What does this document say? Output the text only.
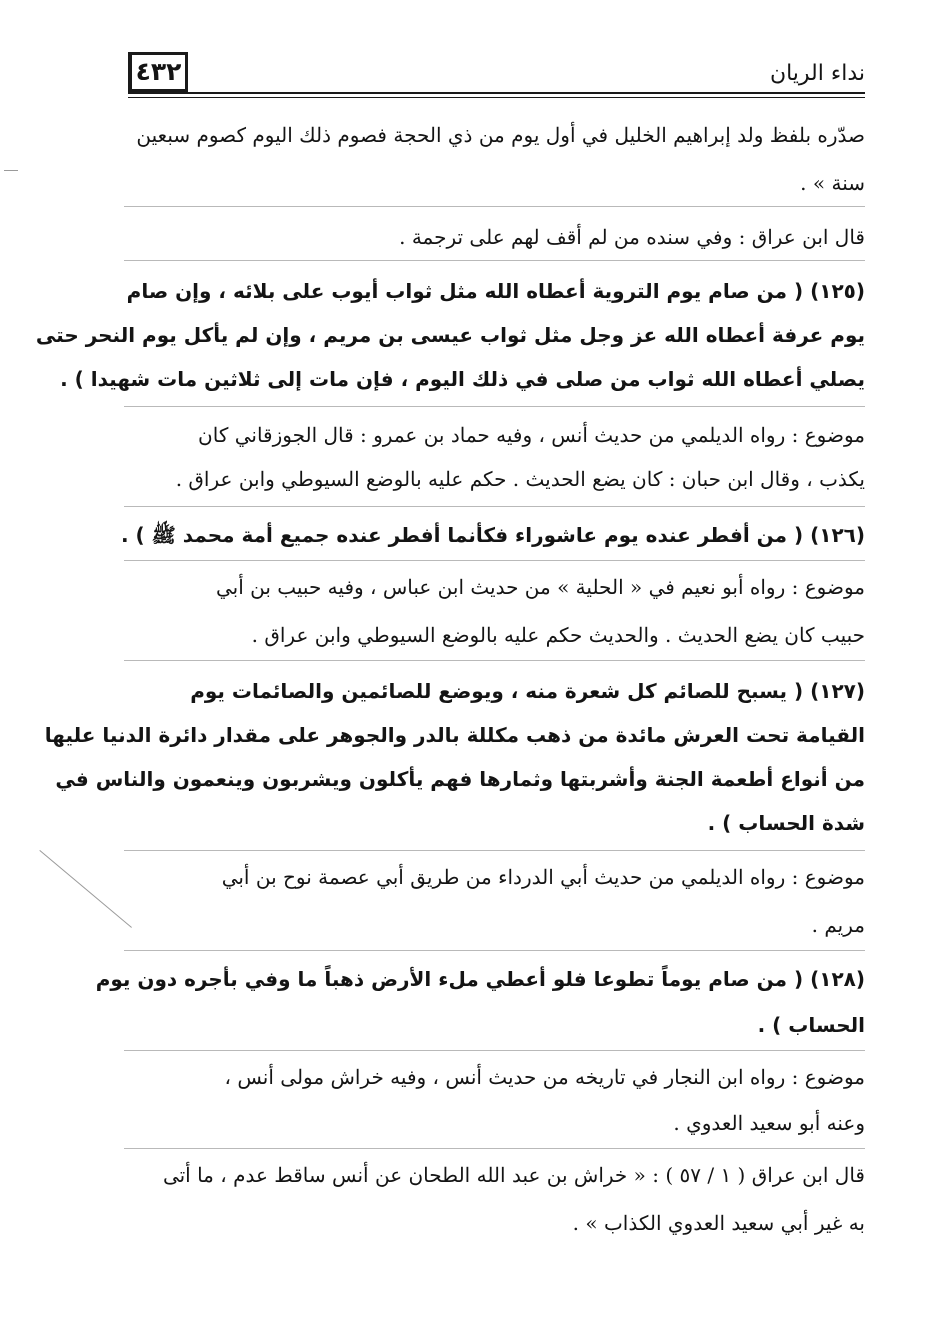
٤٣٢	نداء الريان
صدّره بلفظ ولد إبراهيم الخليل في أول يوم من ذي الحجة فصوم ذلك اليوم كصوم سبعين
سنة » .
قال ابن عراق : وفي سنده من لم أقف لهم على ترجمة .
(١٢٥) ( من صام يوم التروية أعطاه الله مثل ثواب أيوب على بلائه ، وإن صام
يوم عرفة أعطاه الله عز وجل مثل ثواب عيسى بن مريم ، وإن لم يأكل يوم النحر حتى
يصلي أعطاه الله ثواب من صلى في ذلك اليوم ، فإن مات إلى ثلاثين مات شهيدا ) .
موضوع : رواه الديلمي من حديث أنس ، وفيه حماد بن عمرو : قال الجوزقاني كان
يكذب ، وقال ابن حبان : كان يضع الحديث . حكم عليه بالوضع السيوطي وابن عراق .
(١٢٦) ( من أفطر عنده يوم عاشوراء فكأنما أفطر عنده جميع أمة محمد ﷺ ) .
موضوع : رواه أبو نعيم في « الحلية » من حديث ابن عباس ، وفيه حبيب بن أبي
حبيب كان يضع الحديث . والحديث حكم عليه بالوضع السيوطي وابن عراق .
(١٢٧) ( يسبح للصائم كل شعرة منه ، ويوضع للصائمين والصائمات يوم
القيامة تحت العرش مائدة من ذهب مكللة بالدر والجوهر على مقدار دائرة الدنيا عليها
من أنواع أطعمة الجنة وأشربتها وثمارها فهم يأكلون ويشربون وينعمون والناس في
شدة الحساب ) .
موضوع : رواه الديلمي من حديث أبي الدرداء من طريق أبي عصمة نوح بن أبي
مريم .
(١٢٨) ( من صام يوماً تطوعا فلو أعطي ملء الأرض ذهباً ما وفي بأجره دون يوم
الحساب ) .
موضوع : رواه ابن النجار في تاريخه من حديث أنس ، وفيه خراش مولى أنس ،
وعنه أبو سعيد العدوي .
قال ابن عراق ( ١ / ٥٧ ) : « خراش بن عبد الله الطحان عن أنس ساقط عدم ، ما أتى
به غير أبي سعيد العدوي الكذاب » .
